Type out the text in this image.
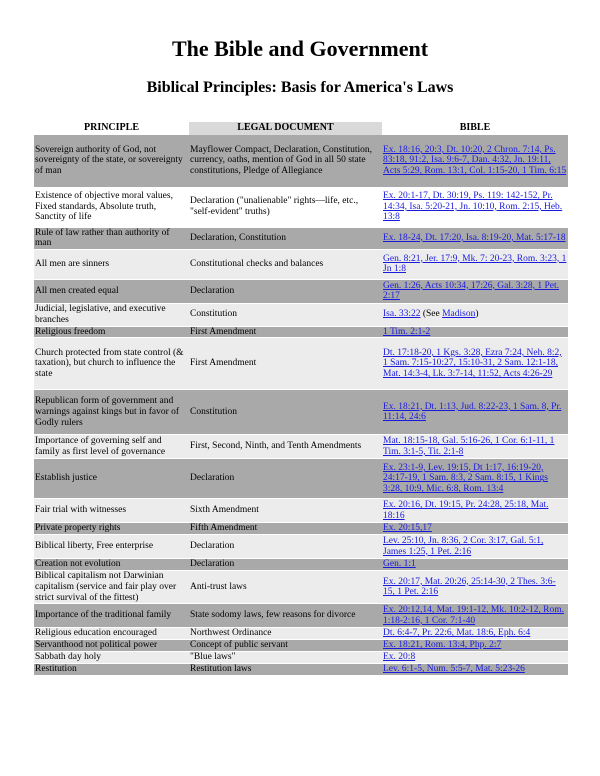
The Bible and Government
Biblical Principles: Basis for America's Laws
PRINCIPLE	LEGAL DOCUMENT	BIBLE
Sovereign authority of God, not sovereignty of the state, or sovereignty of man	Mayflower Compact, Declaration, Constitution, currency, oaths, mention of God in all 50 state constitutions, Pledge of Allegiance	Ex. 18:16, 20:3, Dt. 10:20, 2 Chron. 7:14, Ps. 83:18, 91:2, Isa. 9:6-7, Dan. 4:32, Jn. 19:11, Acts 5:29, Rom. 13:1, Col. 1:15-20, 1 Tim. 6:15
Existence of objective moral values, Fixed standards, Absolute truth, Sanctity of life	Declaration ("unalienable" rights—life, etc., "self-evident" truths)	Ex. 20:1-17, Dt. 30:19, Ps. 119: 142-152, Pr. 14:34, Isa. 5:20-21, Jn. 10:10, Rom. 2:15, Heb. 13:8
Rule of law rather than authority of man	Declaration, Constitution	Ex. 18-24, Dt. 17:20, Isa. 8:19-20, Mat. 5:17-18
All men are sinners	Constitutional checks and balances	Gen. 8:21, Jer. 17:9, Mk. 7: 20-23, Rom. 3:23, 1 Jn 1:8
All men created equal	Declaration	Gen. 1:26, Acts 10:34, 17:26, Gal. 3:28, 1 Pet. 2:17
Judicial, legislative, and executive branches	Constitution	Isa. 33:22 (See Madison)
Religious freedom	First Amendment	1 Tim. 2:1-2
Church protected from state control (& taxation), but church to influence the state	First Amendment	Dt. 17:18-20, 1 Kgs. 3:28, Ezra 7:24, Neh. 8:2, 1 Sam. 7:15-10:27, 15:10-31, 2 Sam. 12:1-18, Mat. 14:3-4, Lk. 3:7-14, 11:52, Acts 4:26-29
Republican form of government and warnings against kings but in favor of Godly rulers	Constitution	Ex. 18:21, Dt. 1:13, Jud. 8:22-23, 1 Sam. 8, Pr. 11:14, 24:6
Importance of governing self and family as first level of governance	First, Second, Ninth, and Tenth Amendments	Mat. 18:15-18, Gal. 5:16-26, 1 Cor. 6:1-11, 1 Tim. 3:1-5, Tit. 2:1-8
Establish justice	Declaration	Ex. 23:1-9, Lev. 19:15, Dt 1:17, 16:19-20, 24:17-19, 1 Sam. 8:3, 2 Sam. 8:15, 1 Kings 3:28, 10:9, Mic. 6:8, Rom. 13:4
Fair trial with witnesses	Sixth Amendment	Ex. 20:16, Dt. 19:15, Pr. 24:28, 25:18, Mat. 18:16
Private property rights	Fifth Amendment	Ex. 20:15,17
Biblical liberty, Free enterprise	Declaration	Lev. 25:10, Jn. 8:36, 2 Cor. 3:17, Gal. 5:1, James 1:25, 1 Pet. 2:16
Creation not evolution	Declaration	Gen. 1:1
Biblical capitalism not Darwinian capitalism (service and fair play over strict survival of the fittest)	Anti-trust laws	Ex. 20:17, Mat. 20:26, 25:14-30, 2 Thes. 3:6-15, 1 Pet. 2:16
Importance of the traditional family	State sodomy laws, few reasons for divorce	Ex. 20:12,14, Mat. 19:1-12, Mk. 10:2-12, Rom. 1:18-2:16, 1 Cor. 7:1-40
Religious education encouraged	Northwest Ordinance	Dt. 6:4-7, Pr. 22:6, Mat. 18:6, Eph. 6:4
Servanthood not political power	Concept of public servant	Ex. 18:21, Rom. 13:4, Php. 2:7
Sabbath day holy	"Blue laws"	Ex. 20:8
Restitution	Restitution laws	Lev. 6:1-5, Num. 5:5-7, Mat. 5:23-26
